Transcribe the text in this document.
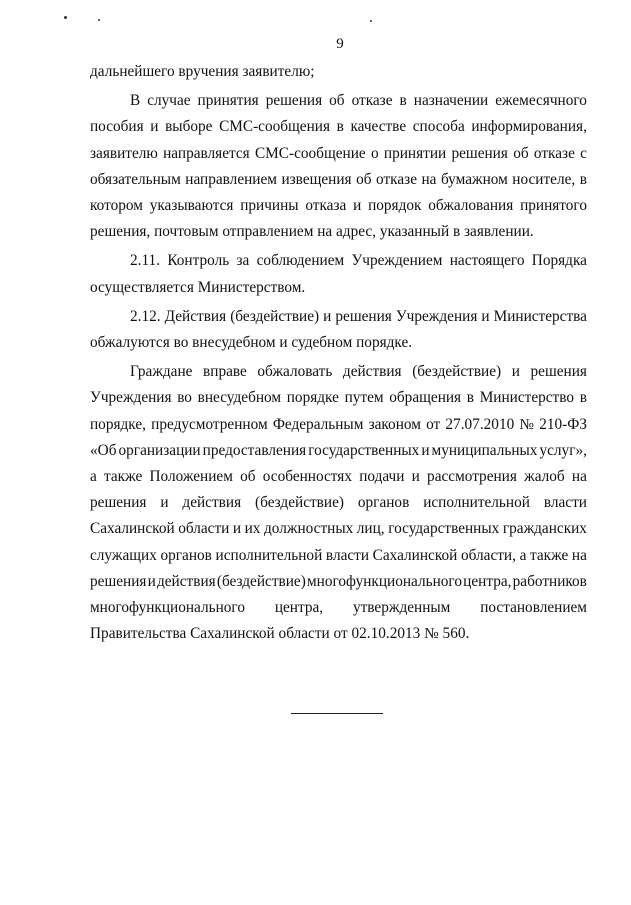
9
дальнейшего вручения заявителю;
В случае принятия решения об отказе в назначении ежемесячного
пособия и выборе СМС-сообщения в качестве способа информирования,
заявителю направляется СМС-сообщение о принятии решения об отказе с
обязательным направлением извещения об отказе на бумажном носителе, в
котором указываются причины отказа и порядок обжалования принятого
решения, почтовым отправлением на адрес, указанный в заявлении.
2.11. Контроль за соблюдением Учреждением настоящего Порядка
осуществляется Министерством.
2.12. Действия (бездействие) и решения Учреждения и Министерства
обжалуются во внесудебном и судебном порядке.
Граждане вправе обжаловать действия (бездействие) и решения
Учреждения во внесудебном порядке путем обращения в Министерство в
порядке, предусмотренном Федеральным законом от 27.07.2010 № 210-ФЗ
«Об организации предоставления государственных и муниципальных услуг»,
а также Положением об особенностях подачи и рассмотрения жалоб на
решения и действия (бездействие) органов исполнительной власти
Сахалинской области и их должностных лиц, государственных гражданских
служащих органов исполнительной власти Сахалинской области, а также на
решения и действия (бездействие) многофункционального центра, работников
многофункционального центра, утвержденным постановлением
Правительства Сахалинской области от 02.10.2013 № 560.
